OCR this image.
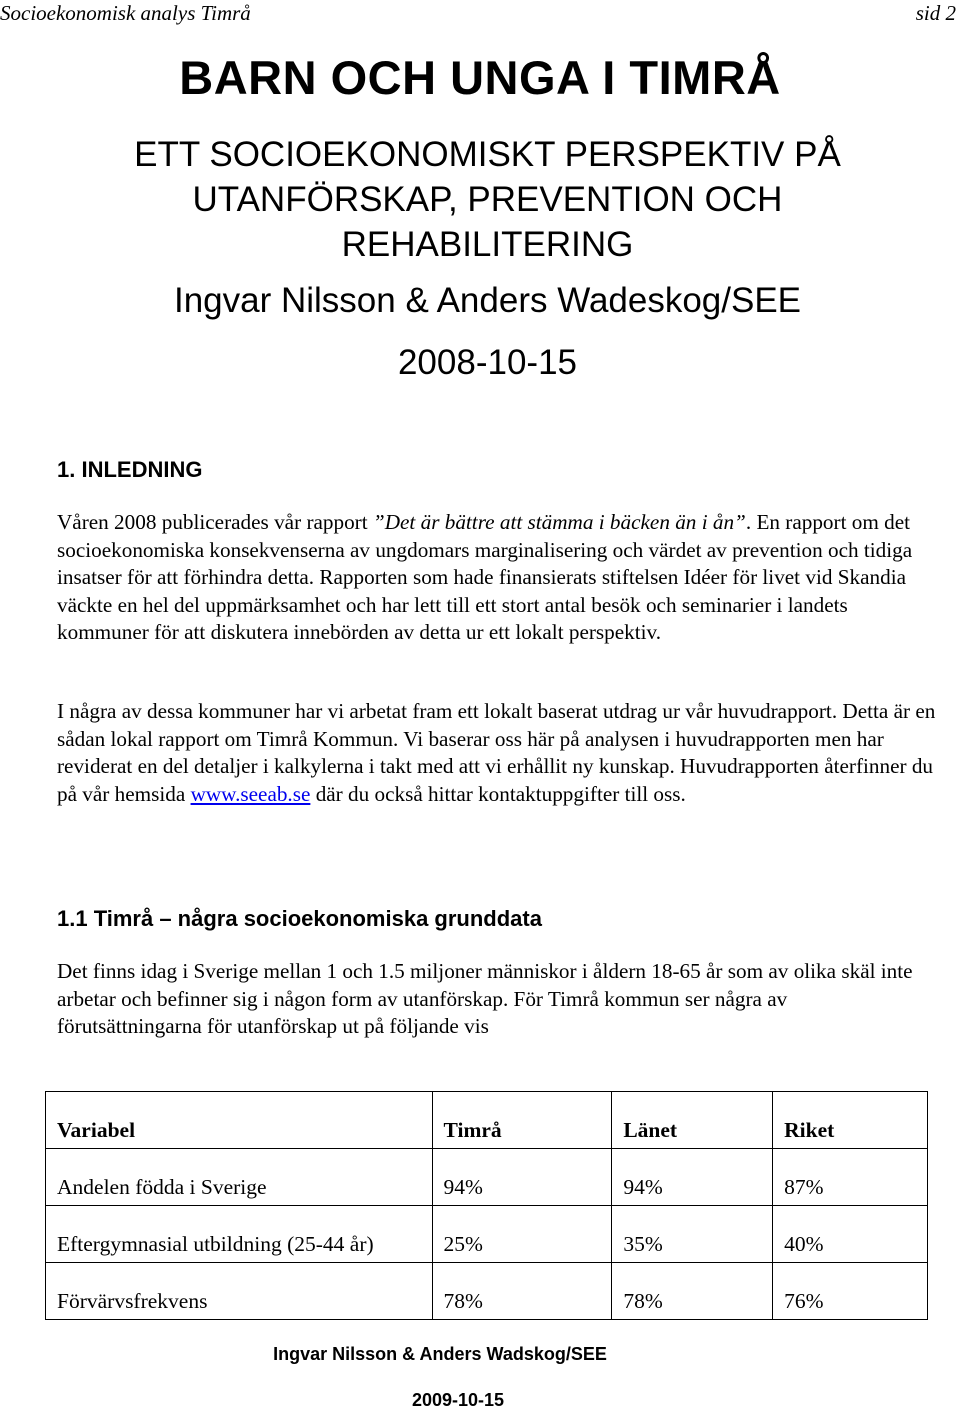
Socioekonomisk analys Timrå	sid 2
BARN OCH UNGA I TIMRÅ
ETT SOCIOEKONOMISKT PERSPEKTIV PÅ
UTANFÖRSKAP, PREVENTION OCH
REHABILITERING
Ingvar Nilsson & Anders Wadeskog/SEE
2008-10-15
1. INLEDNING
Våren 2008 publicerades vår rapport ”Det är bättre att stämma i bäcken än i ån”. En rapport om det socioekonomiska konsekvenserna av ungdomars marginalisering och värdet av prevention och tidiga insatser för att förhindra detta. Rapporten som hade finansierats stiftelsen Idéer för livet vid Skandia väckte en hel del uppmärksamhet och har lett till ett stort antal besök och seminarier i landets kommuner för att diskutera innebörden av detta ur ett lokalt perspektiv.
I några av dessa kommuner har vi arbetat fram ett lokalt baserat utdrag ur vår huvudrapport. Detta är en sådan lokal rapport om Timrå Kommun. Vi baserar oss här på analysen i huvudrapporten men har reviderat en del detaljer i kalkylerna i takt med att vi erhållit ny kunskap. Huvudrapporten återfinner du på vår hemsida www.seeab.se där du också hittar kontaktuppgifter till oss.
1.1 Timrå – några socioekonomiska grunddata
Det finns idag i Sverige mellan 1 och 1.5 miljoner människor i åldern 18-65 år som av olika skäl inte arbetar och befinner sig i någon form av utanförskap. För Timrå kommun ser några av förutsättningarna för utanförskap ut på följande vis
Variabel	Timrå	Länet	Riket
Andelen födda i Sverige	94%	94%	87%
Eftergymnasial utbildning (25-44 år)	25%	35%	40%
Förvärvsfrekvens	78%	78%	76%
Ingvar Nilsson & Anders Wadskog/SEE
2009-10-15
